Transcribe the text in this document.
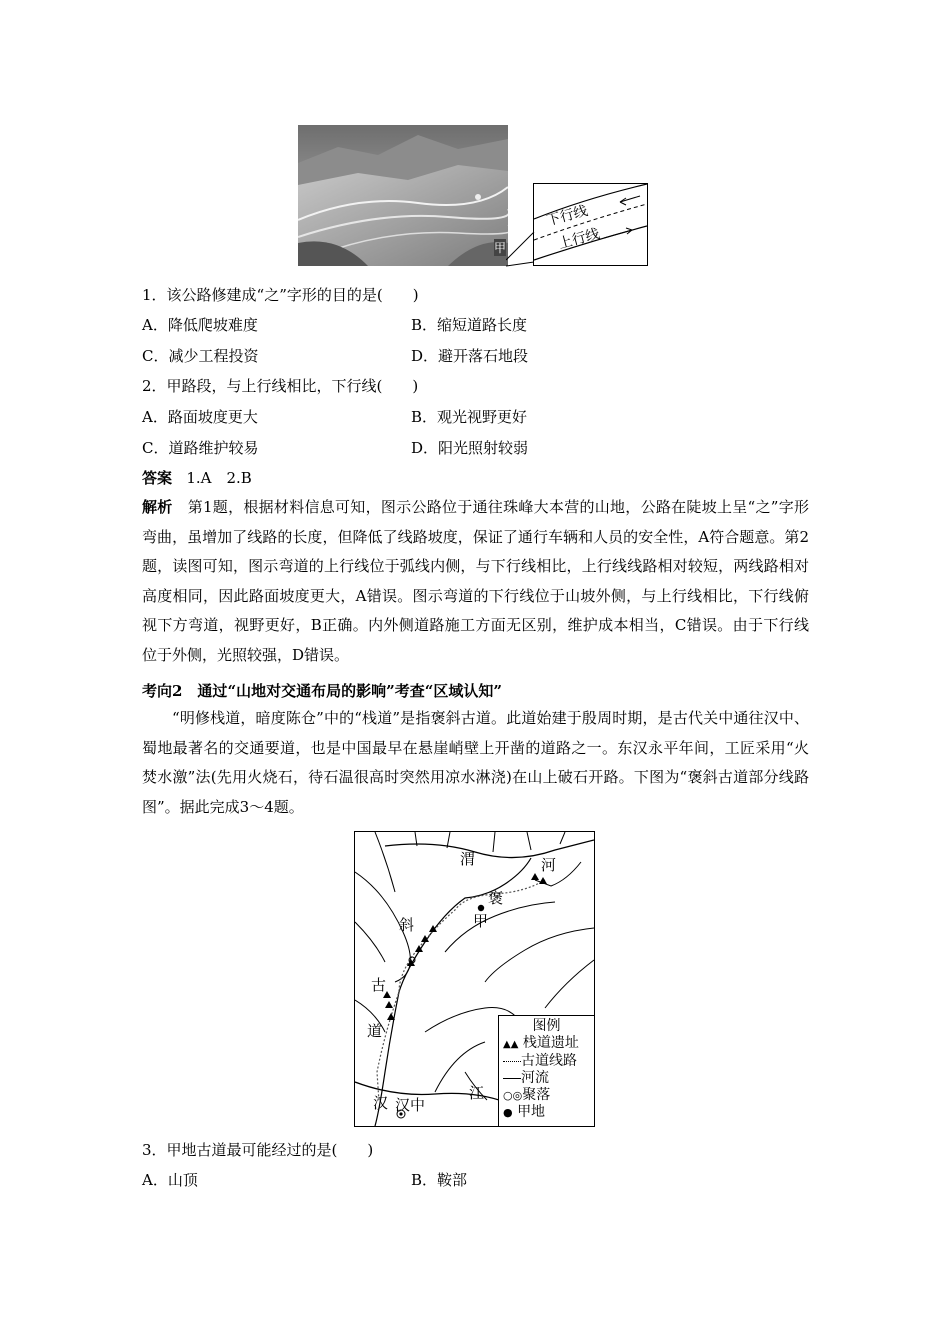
甲
下行线
上行线
1．该公路修建成“之”字形的目的是(　　)
A．降低爬坡难度	B．缩短道路长度
C．减少工程投资	D．避开落石地段
2．甲路段，与上行线相比，下行线(　　)
A．路面坡度更大	B．观光视野更好
C．道路维护较易	D．阳光照射较弱
答案 1.A　2.B
解析 第1题，根据材料信息可知，图示公路位于通往珠峰大本营的山地，公路在陡坡上呈“之”字形弯曲，虽增加了线路的长度，但降低了线路坡度，保证了通行车辆和人员的安全性，A符合题意。第2题，读图可知，图示弯道的上行线位于弧线内侧，与下行线相比，上行线线路相对较短，两线路相对高度相同，因此路面坡度更大，A错误。图示弯道的下行线位于山坡外侧，与上行线相比，下行线俯视下方弯道，视野更好，B正确。内外侧道路施工方面无区别，维护成本相当，C错误。由于下行线位于外侧，光照较强，D错误。
考向2　通过“山地对交通布局的影响”考查“区域认知”
“明修栈道，暗度陈仓”中的“栈道”是指褒斜古道。此道始建于殷周时期，是古代关中通往汉中、蜀地最著名的交通要道，也是中国最早在悬崖峭壁上开凿的道路之一。东汉永平年间，工匠采用“火焚水激”法(先用火烧石，待石温很高时突然用凉水淋浇)在山上破石开路。下图为“褒斜古道部分线路图”。据此完成3～4题。
渭	河
褒
甲
斜
古
道
汉 汉中
江
图例
▲▲ 栈道遗址
古道线路
河流
○◎聚落
● 甲地
3．甲地古道最可能经过的是(　　)
A．山顶	B．鞍部
